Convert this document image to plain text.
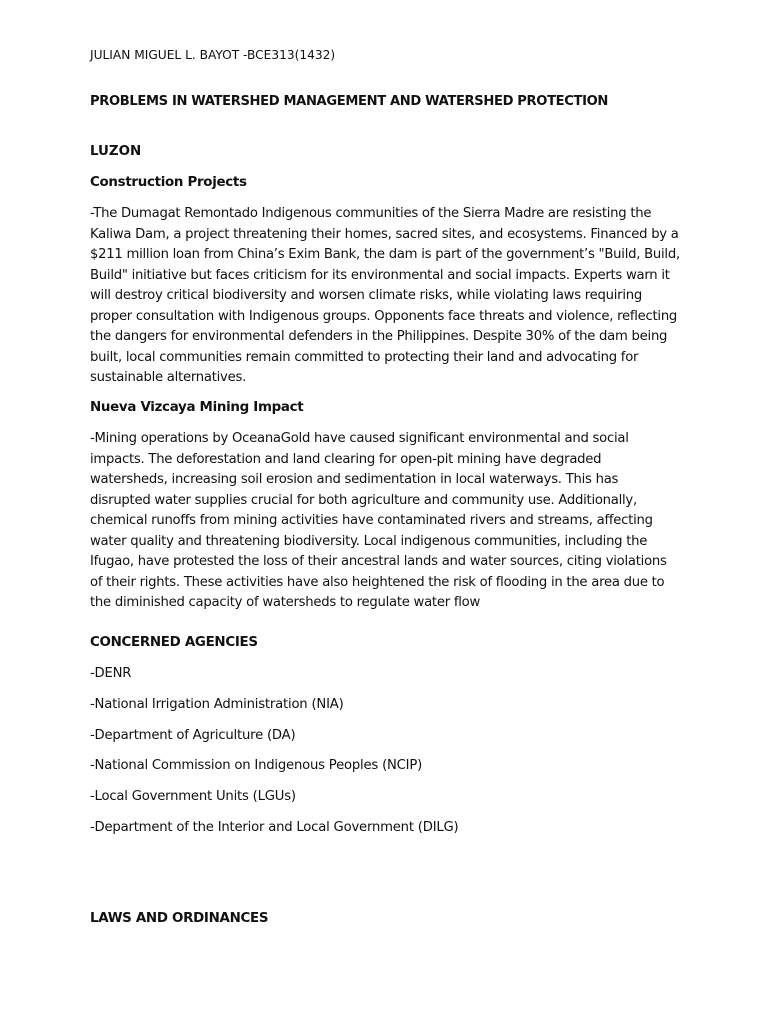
JULIAN MIGUEL L. BAYOT -BCE313(1432)
PROBLEMS IN WATERSHED MANAGEMENT AND WATERSHED PROTECTION
LUZON
Construction Projects

-The Dumagat Remontado Indigenous communities of the Sierra Madre are resisting the Kaliwa Dam, a project threatening their homes, sacred sites, and ecosystems. Financed by a $211 million loan from China’s Exim Bank, the dam is part of the government’s "Build, Build, Build" initiative but faces criticism for its environmental and social impacts. Experts warn it will destroy critical biodiversity and worsen climate risks, while violating laws requiring proper consultation with Indigenous groups. Opponents face threats and violence, reflecting the dangers for environmental defenders in the Philippines. Despite 30% of the dam being built, local communities remain committed to protecting their land and advocating for sustainable alternatives.

Nueva Vizcaya Mining Impact

-Mining operations by OceanaGold have caused significant environmental and social impacts. The deforestation and land clearing for open-pit mining have degraded watersheds, increasing soil erosion and sedimentation in local waterways. This has disrupted water supplies crucial for both agriculture and community use. Additionally, chemical runoffs from mining activities have contaminated rivers and streams, affecting water quality and threatening biodiversity. Local indigenous communities, including the Ifugao, have protested the loss of their ancestral lands and water sources, citing violations of their rights. These activities have also heightened the risk of flooding in the area due to the diminished capacity of watersheds to regulate water flow

CONCERNED AGENCIES
-DENR
-National Irrigation Administration (NIA)
-Department of Agriculture (DA)
-National Commission on Indigenous Peoples (NCIP)
-Local Government Units (LGUs)
-Department of the Interior and Local Government (DILG)
LAWS AND ORDINANCES
